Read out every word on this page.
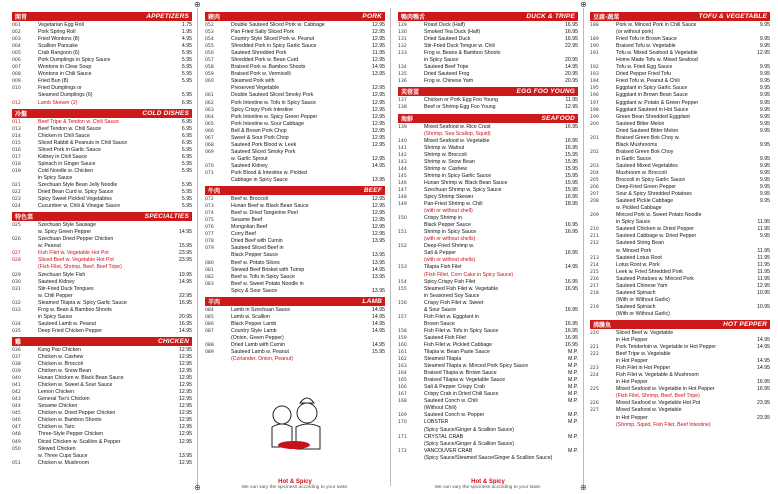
⊕	⊕
⊕	⊕
開胃	APPETIZERS
001	Vegetarian Egg Roll	1.75
002	Pork Spring Roll	1.95
003	Fried Wontons (8)	4.95
004	Scallion Pancake	4.95
005	Crab Rangoon (6)	5.95
006	Pork Dumplings in Spicy Sauce	5.95
007	Wontons in Clear Soup	5.95
008	Wontons in Chili Sauce	5.95
009	Fried Bun (8)	5.95
010	Fried Dumplings or
Steamed Dumplings (6)	5.95
012	Lamb Skewer (2)	6.95
冷盤	COLD DISHES
011	Beef Tripe & Tendon w. Chili Sauce	6.95
013	Beef Tendon w. Chili Sauce	6.95
014	Chicken in Chili Sauce	6.95
015	Sliced Rabbit & Peanuts in Chili Sauce	6.95
016	Sliced Pork in Garlic Sauce	6.95
017	Kidney in Chili Sauce	6.95
018	Spinach in Ginger Sauce	5.95
019	Cold Noodle w. Chicken	5.95
in Spicy Sauce
021	Szechuan Style Bean Jelly Noodle	5.95
022	Dried Bean Curd w. Spicy Sauce	5.95
023	Spicy Sweet Pickled Vegetables	5.95
024	Cucumber w. Chili & Vinegar Sauce	5.95
特色菜	SPECIALTIES
025	Szechuan Style Sausage
w. Spicy Green Pepper	14.95
026	Szechuan Dried Pepper Chicken
w. Peanut	15.95
027	Fish Filet w. Vegetable Hot Pot	23.95
028	Sliced Beef w. Vegetable Hot Pot	23.95
(Fish Filet, Shrimp, Beef, Beef Tripe)
029	Szechuan Style Fish	19.95
030	Sauteed Kidney	14.95
031	Stir-Fried Duck Tongues
w. Chili Pepper	22.95
032	Steamed Tilapia w. Spicy Garlic Sauce	16.95
033	Frog w. Bean & Bamboo Shoots
in Spicy Sauce	20.95
034	Sauteed Lamb w. Peanut	16.95
035	Deep Fried Chicken Pepper	14.95
雞	CHICKEN
036	Kung Pao Chicken	12.95
037	Chicken w. Cashew	12.95
038	Chicken w. Broccoli	12.95
039	Chicken w. Snow Bean	12.95
040	Hunan Chicken w. Black Bean Sauce	12.95
041	Chicken w. Sweet & Sour Sauce	12.95
042	Lemon Chicken	12.95
043	General Tso's Chicken	12.95
044	Sesame Chicken	12.95
045	Chicken w. Dried Pepper Chicken	12.95
046	Chicken w. Bamboo Shoots	12.95
047	Chicken w. Taro	12.95
048	Three-Style Pepper Chicken	12.95
049	Diced Chicken w. Scallion & Pepper	12.95
050	Stewed Chicken
w. Three Cups Sauce	13.95
051	Chicken w. Mushroom	12.95
豬肉	PORK
052	Double Sauteed Sliced Pork w. Cabbage	12.95
053	Pan Fried Salty Sliced Pork	12.95
054	Country Style Sliced Pork w. Peanut	12.95
055	Shredded Pork in Spicy Garlic Sauce	12.95
056	Sauteed Shredded Pork	11.95
057	Shredded Pork w. Bean Curd	12.95
058	Braised Pork w. Bamboo Shoots	14.95
059	Braised Pork w. Vermicelli	13.95
060	Steamed Pork with
Preserved Vegetable	12.95
061	Double Sauteed Sliced Smoky Pork	12.95
062	Pork Intestine w. Tofu in Spicy Sauce	12.95
063	Spicy Crispy Pork Intestine	12.95
064	Pork Intestine w. Spicy Green Pepper	12.95
065	Pork Intestine w. Sour Cabbage	12.95
066	Bell & Brown Pork Chop	12.95
067	Sweet & Sour Pork Chop	12.95
068	Sauteed Pork Blood w. Leek	12.95
069	Sauteed Sliced Smoky Pork
w. Garlic Sprout	12.95
070	Sauteed Kidney	14.95
071	Pork Blood & Intestine w. Pickled
Cabbage in Spicy Sauce	13.95
牛肉	BEEF
072	Beef w. Broccoli	12.95
073	Hunan Beef w. Black Bean Sauce	12.95
074	Beef w. Dried Tangerine Peel	12.95
075	Sesame Beef	12.95
076	Mongolian Beef	12.95
077	Curry Beef	12.95
078	Dried Beef with Cumin	13.95
079	Sauteed Sliced Beef in
Black Pepper Sauce	13.95
080	Beef w. Potato Slices	13.95
081	Stewed Beef Brisket with Turnip	14.95
082	Beef w. Tofu in Spicy Sauce	13.95
083	Beef w. Sweet Potato Noodle in
Spicy & Sour Sauce	13.95
羊肉	LAMB
084	Lamb in Szechuan Sauce	14.95
085	Lamb w. Scallion	14.95
086	Black Pepper Lamb	14.95
087	Country Style Lamb	14.95
(Onion, Green Pepper)
088	Dried Lamb with Cumin	14.95
089	Sauteed Lamb w. Peanut	15.95
(Coriander, Onion, Peanut)
鴨肉鴨舌	DUCK & TRIPE
129	Roast Duck (Half)	16.95
130	Smoked Tea Duck (Half)	16.95
131	Dried Sauteed Duck	16.95
132	Stir-Fried Duck Tongue w. Chili	22.95
133	Frog w. Beans & Bamboo Shoots
in Spicy Sauce	20.95
134	Sauteed Beef Tripe	14.95
135	Dried Sauteed Frog	20.95
136	Frog w. Chinese Yam	20.95
芙蓉蛋	EGG FOO YOUNG
137	Chicken or Pork Egg Foo Young	11.95
138	Beef or Shrimp Egg Foo Young	12.95
海鮮	SEAFOOD
139	Mixed Seafood w. Rice Crust	16.95
(Shrimp, Sea Scallop, Squid)
140	Mixed Seafood w. Vegetable	16.95
141	Shrimp w. Walnut	16.95
142	Shrimp w. Broccoli	15.95
143	Shrimp w. Snow Bean	15.95
144	Shrimp w. Cashew	15.95
145	Shrimp in Spicy Garlic Sauce	15.95
146	Hunan Shrimp w. Black Bean Sauce	15.95
147	Szechuan Shrimp w. Spicy Sauce	15.95
148	Spicy Shrimp Skewer	16.95
149	Pan-Fried Shrimp w. Chili	18.95
(with or without shell)
150	Crispy Shrimp in
Black Pepper Sauce	16.95
151	Shrimp in Spicy Sauce	16.95
(with or without shells)
152	Deep-Fried Shrimp w.
Salt & Pepper	16.95
(with or without shells)
153	Tilapia Fish Filet	14.95
(Fish Fillet, Corn Cake in Spicy Sauce)
154	Spicy Crispy Fish Filet	16.95
155	Steamed Fish Filet w. Vegetable	16.95
in Seasoned Soy Sauce
156	Crispy Fish Filet w. Sweet
& Sour Sauce	16.95
157	Fish Filet w. Eggplant in
Brown Sauce	16.95
158	Fish Filet w. Tofu in Spicy Sauce	16.95
159	Sauteed Fish Filet	16.95
160	Fish Filet w. Pickled Cabbage	16.95
161	Tilapia w. Bean Paste Sauce	M.P.
162	Steamed Tilapia	M.P.
163	Steamed Tilapia w. Minced Pork Spicy Sauce	M.P.
164	Braised Tilapia w. Brown Sauce	M.P.
165	Braised Tilapia w. Vegetable Sauce	M.P.
166	Salt & Pepper Crispy Crab	M.P.
167	Crispy Crab in Dried Chili Sauce	M.P.
168	Sauteed Conch w. Chili	M.P.
(Without Chili)
169	Sauteed Conch w. Pepper	M.P.
170	LOBSTER	M.P.
(Spicy Sauce/Ginger & Scallion Sauce)
171	CRYSTAL CRAB	M.P.
(Spicy Sauce/Ginger & Scallion Sauce)
172	VANCOUVER CRAB	M.P.
(Spicy Sauce/Steamed Sauce/Ginger & Scallion Sauce)
豆腐·蔬菜	TOFU & VEGETABLE
188	Pork w. Minced Pork in Chili Sauce	9.95
(or without pork)
189	Fried Tofu in Brown Sauce	9.95
190	Braised Tofu w. Vegetable	9.95
191	Tofu w. Mixed Seafood & Vegetable	12.95
Home Made Tofu w. Mixed Seafood
192	Tofu w. Fried Egg Sauce	9.95
193	Dried Pepper Fried Tofu	9.95
194	Fried Tofu w. Peanut & Chili	9.95
195	Eggplant in Spicy Garlic Sauce	9.95
196	Eggplant in Brown Bean Sauce	9.95
197	Eggplant w. Potato & Green Pepper	9.95
198	Eggplant Sauteed in Hot Sauce	9.95
199	Green Bean Shredded Eggplant	9.95
200	Sauteed Bitter Melon	9.95
Dried Sauteed Bitter Melon	9.95
201	Braised Green Bok Choy w.
Black Mushrooms	9.95
202	Braised Green Bok Choy
in Garlic Sauce	9.95
203	Sauteed Mixed Vegetables	9.95
204	Mushroom w. Broccoli	9.95
205	Broccoli in Spicy Garlic Sauce	9.95
206	Deep-Fried Green Pepper	9.95
207	Sour & Spicy Shredded Potatoes	9.95
208	Sauteed Pickle Cabbage	9.95
w. Pickled Cabbage
209	Minced Pork w. Sweet Potato Noodle
in Spicy Sauce	11.95
210	Sauteed Chicken w. Dried Pepper	11.95
211	Sauteed Cabbage w. Dried Pepper	9.95
212	Sauteed String Bean
w. Minced Pork	11.95
213	Sauteed Lotus Root	11.95
214	Lotus Root w. Pork	11.95
215	Leek w. Fried Shredded Pork	11.95
216	Sauteed Potatoes w. Minced Pork	11.95
217	Sauteed Chinese Yam	12.95
218	Sauteed Spinach	10.95
(With or Without Garlic)
219	Sauteed Spinach	10.95
(With or Without Garlic)
沸騰魚	HOT PEPPER
220	Sliced Beef w. Vegetable
in Hot Pepper	14.95
221	Pork Tenderloin w. Vegetable in Hot Pepper	14.95
222	Beef Tripe w. Vegetable
in Hot Pepper	14.95
223	Fish Filet in Hot Pepper	14.95
224	Fish Filet w. Vegetable & Mushroom
in Hot Pepper	16.95
225	Mixed Seafood w. Vegetable in Hot Pepper	16.95
(Fish Filet, Shrimp, Beef, Beef Tripe)
226	Mixed Seafood w. Vegetable Hot Pot	23.95
227	Mixed Seafood w. Vegetable
in Hot Pepper	23.95
(Shrimp, Squid, Fish Filet, Beef Intestine)
Hot & Spicy
We can vary the spiciness according to your taste.
Hot & Spicy
We can vary the spiciness according to your taste.
